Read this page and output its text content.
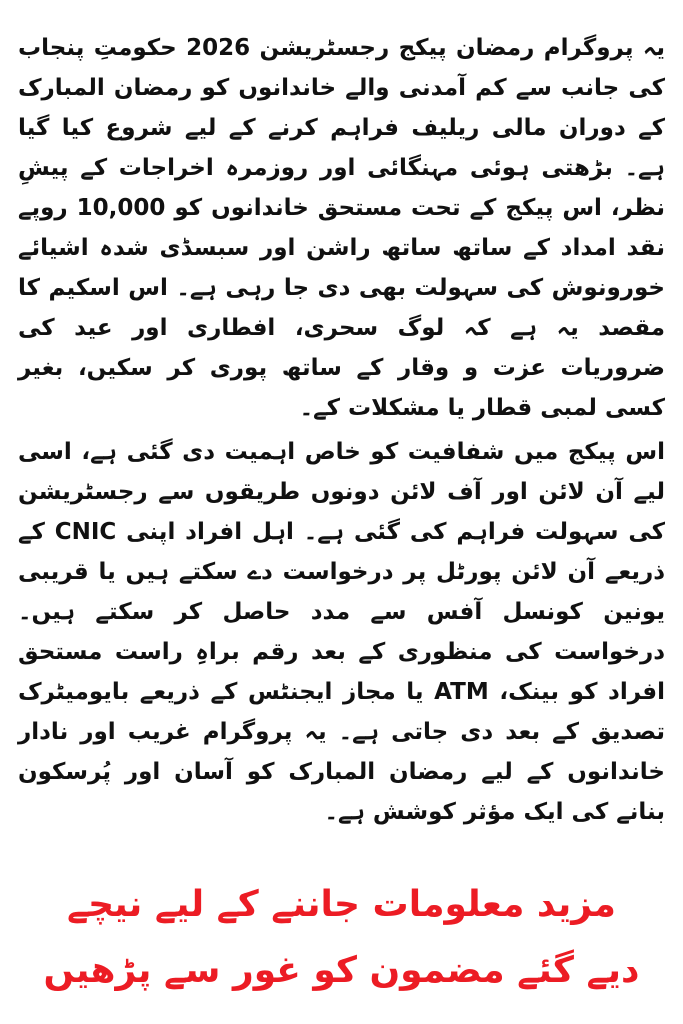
یہ پروگرام رمضان پیکج رجسٹریشن 2026 حکومتِ پنجاب کی جانب سے کم آمدنی والے خاندانوں کو رمضان المبارک کے دوران مالی ریلیف فراہم کرنے کے لیے شروع کیا گیا ہے۔ بڑھتی ہوئی مہنگائی اور روزمرہ اخراجات کے پیشِ نظر، اس پیکج کے تحت مستحق خاندانوں کو 10,000 روپے نقد امداد کے ساتھ ساتھ راشن اور سبسڈی شدہ اشیائے خورونوش کی سہولت بھی دی جا رہی ہے۔ اس اسکیم کا مقصد یہ ہے کہ لوگ سحری، افطاری اور عید کی ضروریات عزت و وقار کے ساتھ پوری کر سکیں، بغیر کسی لمبی قطار یا مشکلات کے۔

اس پیکج میں شفافیت کو خاص اہمیت دی گئی ہے، اسی لیے آن لائن اور آف لائن دونوں طریقوں سے رجسٹریشن کی سہولت فراہم کی گئی ہے۔ اہل افراد اپنی CNIC کے ذریعے آن لائن پورٹل پر درخواست دے سکتے ہیں یا قریبی یونین کونسل آفس سے مدد حاصل کر سکتے ہیں۔ درخواست کی منظوری کے بعد رقم براہِ راست مستحق افراد کو بینک، ATM یا مجاز ایجنٹس کے ذریعے بایومیٹرک تصدیق کے بعد دی جاتی ہے۔ یہ پروگرام غریب اور نادار خاندانوں کے لیے رمضان المبارک کو آسان اور پُرسکون بنانے کی ایک مؤثر کوشش ہے۔

مزید معلومات جاننے کے لیے نیچے

دیے گئے مضمون کو غور سے پڑھیں
